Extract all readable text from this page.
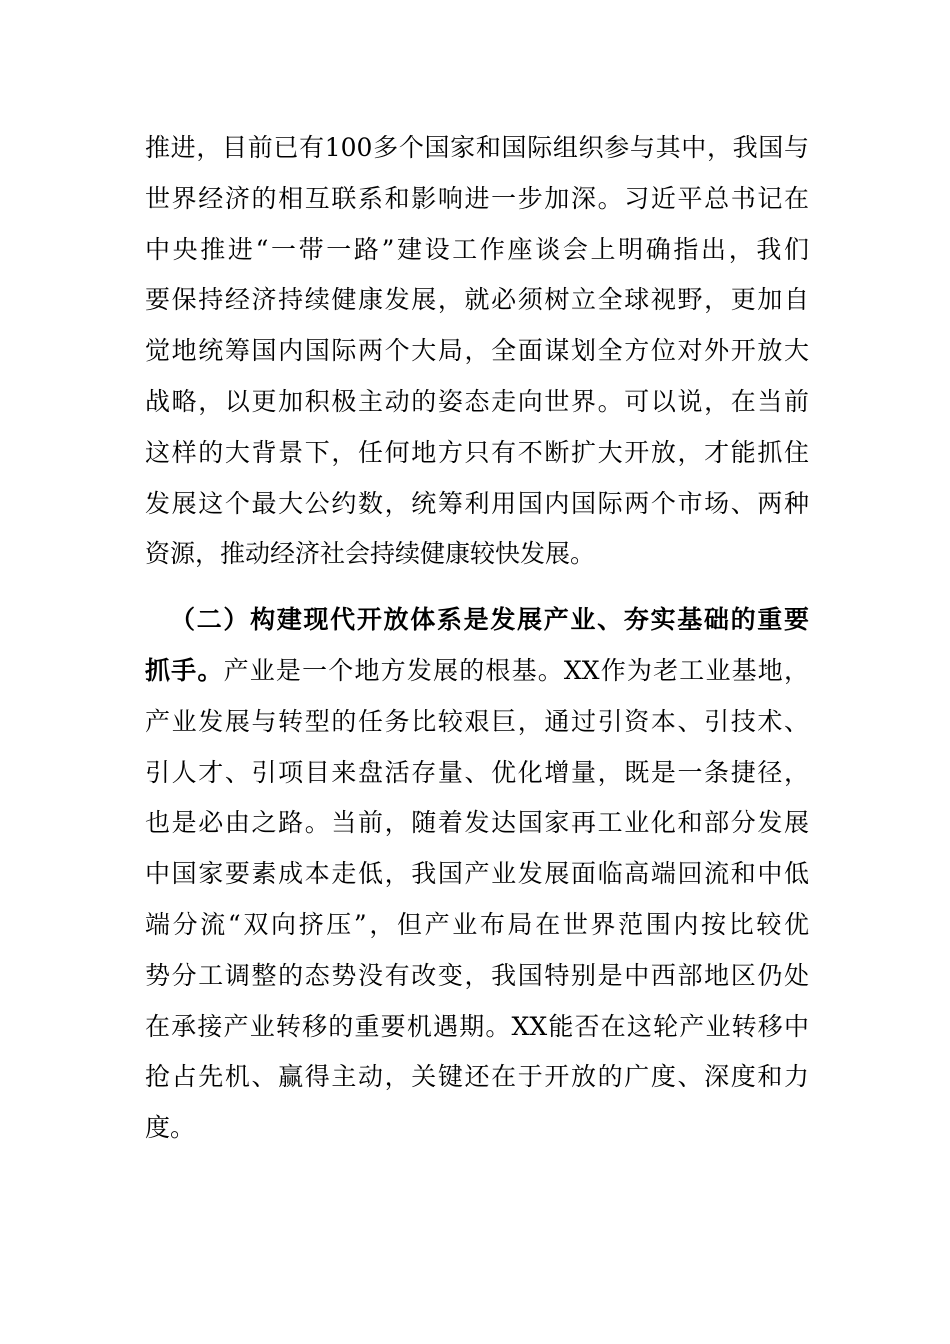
推进，目前已有100多个国家和国际组织参与其中，我国与
世界经济的相互联系和影响进一步加深。习近平总书记在
中央推进“一带一路”建设工作座谈会上明确指出，我们
要保持经济持续健康发展，就必须树立全球视野，更加自
觉地统筹国内国际两个大局，全面谋划全方位对外开放大
战略，以更加积极主动的姿态走向世界。可以说，在当前
这样的大背景下，任何地方只有不断扩大开放，才能抓住
发展这个最大公约数，统筹利用国内国际两个市场、两种
资源，推动经济社会持续健康较快发展。
（二）构建现代开放体系是发展产业、夯实基础的重要
抓手。产业是一个地方发展的根基。XX作为老工业基地，
产业发展与转型的任务比较艰巨，通过引资本、引技术、
引人才、引项目来盘活存量、优化增量，既是一条捷径，
也是必由之路。当前，随着发达国家再工业化和部分发展
中国家要素成本走低，我国产业发展面临高端回流和中低
端分流“双向挤压”，但产业布局在世界范围内按比较优
势分工调整的态势没有改变，我国特别是中西部地区仍处
在承接产业转移的重要机遇期。XX能否在这轮产业转移中
抢占先机、赢得主动，关键还在于开放的广度、深度和力
度。
